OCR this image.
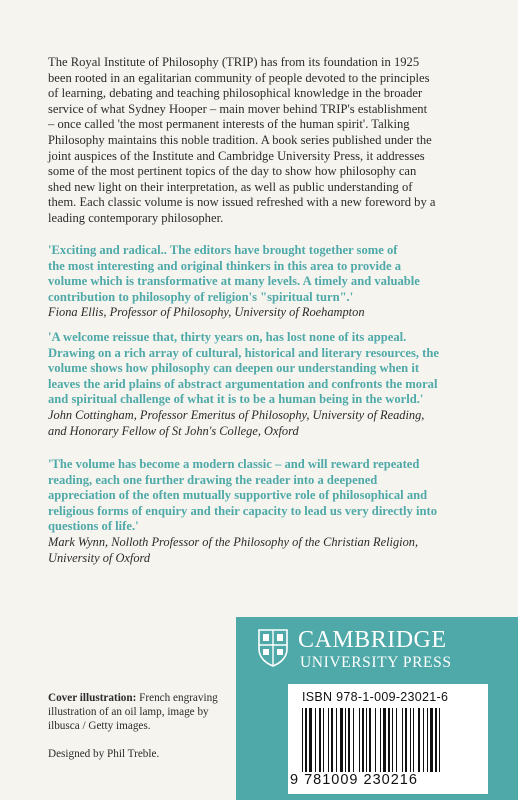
The Royal Institute of Philosophy (TRIP) has from its foundation in 1925
been rooted in an egalitarian community of people devoted to the principles
of learning, debating and teaching philosophical knowledge in the broader
service of what Sydney Hooper – main mover behind TRIP's establishment
– once called 'the most permanent interests of the human spirit'. Talking
Philosophy maintains this noble tradition. A book series published under the
joint auspices of the Institute and Cambridge University Press, it addresses
some of the most pertinent topics of the day to show how philosophy can
shed new light on their interpretation, as well as public understanding of
them. Each classic volume is now issued refreshed with a new foreword by a
leading contemporary philosopher.
'Exciting and radical.. The editors have brought together some of
the most interesting and original thinkers in this area to provide a
volume which is transformative at many levels. A timely and valuable
contribution to philosophy of religion's "spiritual turn".'
Fiona Ellis, Professor of Philosophy, University of Roehampton
'A welcome reissue that, thirty years on, has lost none of its appeal.
Drawing on a rich array of cultural, historical and literary resources, the
volume shows how philosophy can deepen our understanding when it
leaves the arid plains of abstract argumentation and confronts the moral
and spiritual challenge of what it is to be a human being in the world.'
John Cottingham, Professor Emeritus of Philosophy, University of Reading,
and Honorary Fellow of St John's College, Oxford
'The volume has become a modern classic – and will reward repeated
reading, each one further drawing the reader into a deepened
appreciation of the often mutually supportive role of philosophical and
religious forms of enquiry and their capacity to lead us very directly into
questions of life.'
Mark Wynn, Nolloth Professor of the Philosophy of the Christian Religion,
University of Oxford
Cover illustration: French engraving illustration of an oil lamp, image by ilbusca / Getty images.
Designed by Phil Treble.
CAMBRIDGE
UNIVERSITY PRESS
ISBN 978-1-009-23021-6
9 781009 230216
